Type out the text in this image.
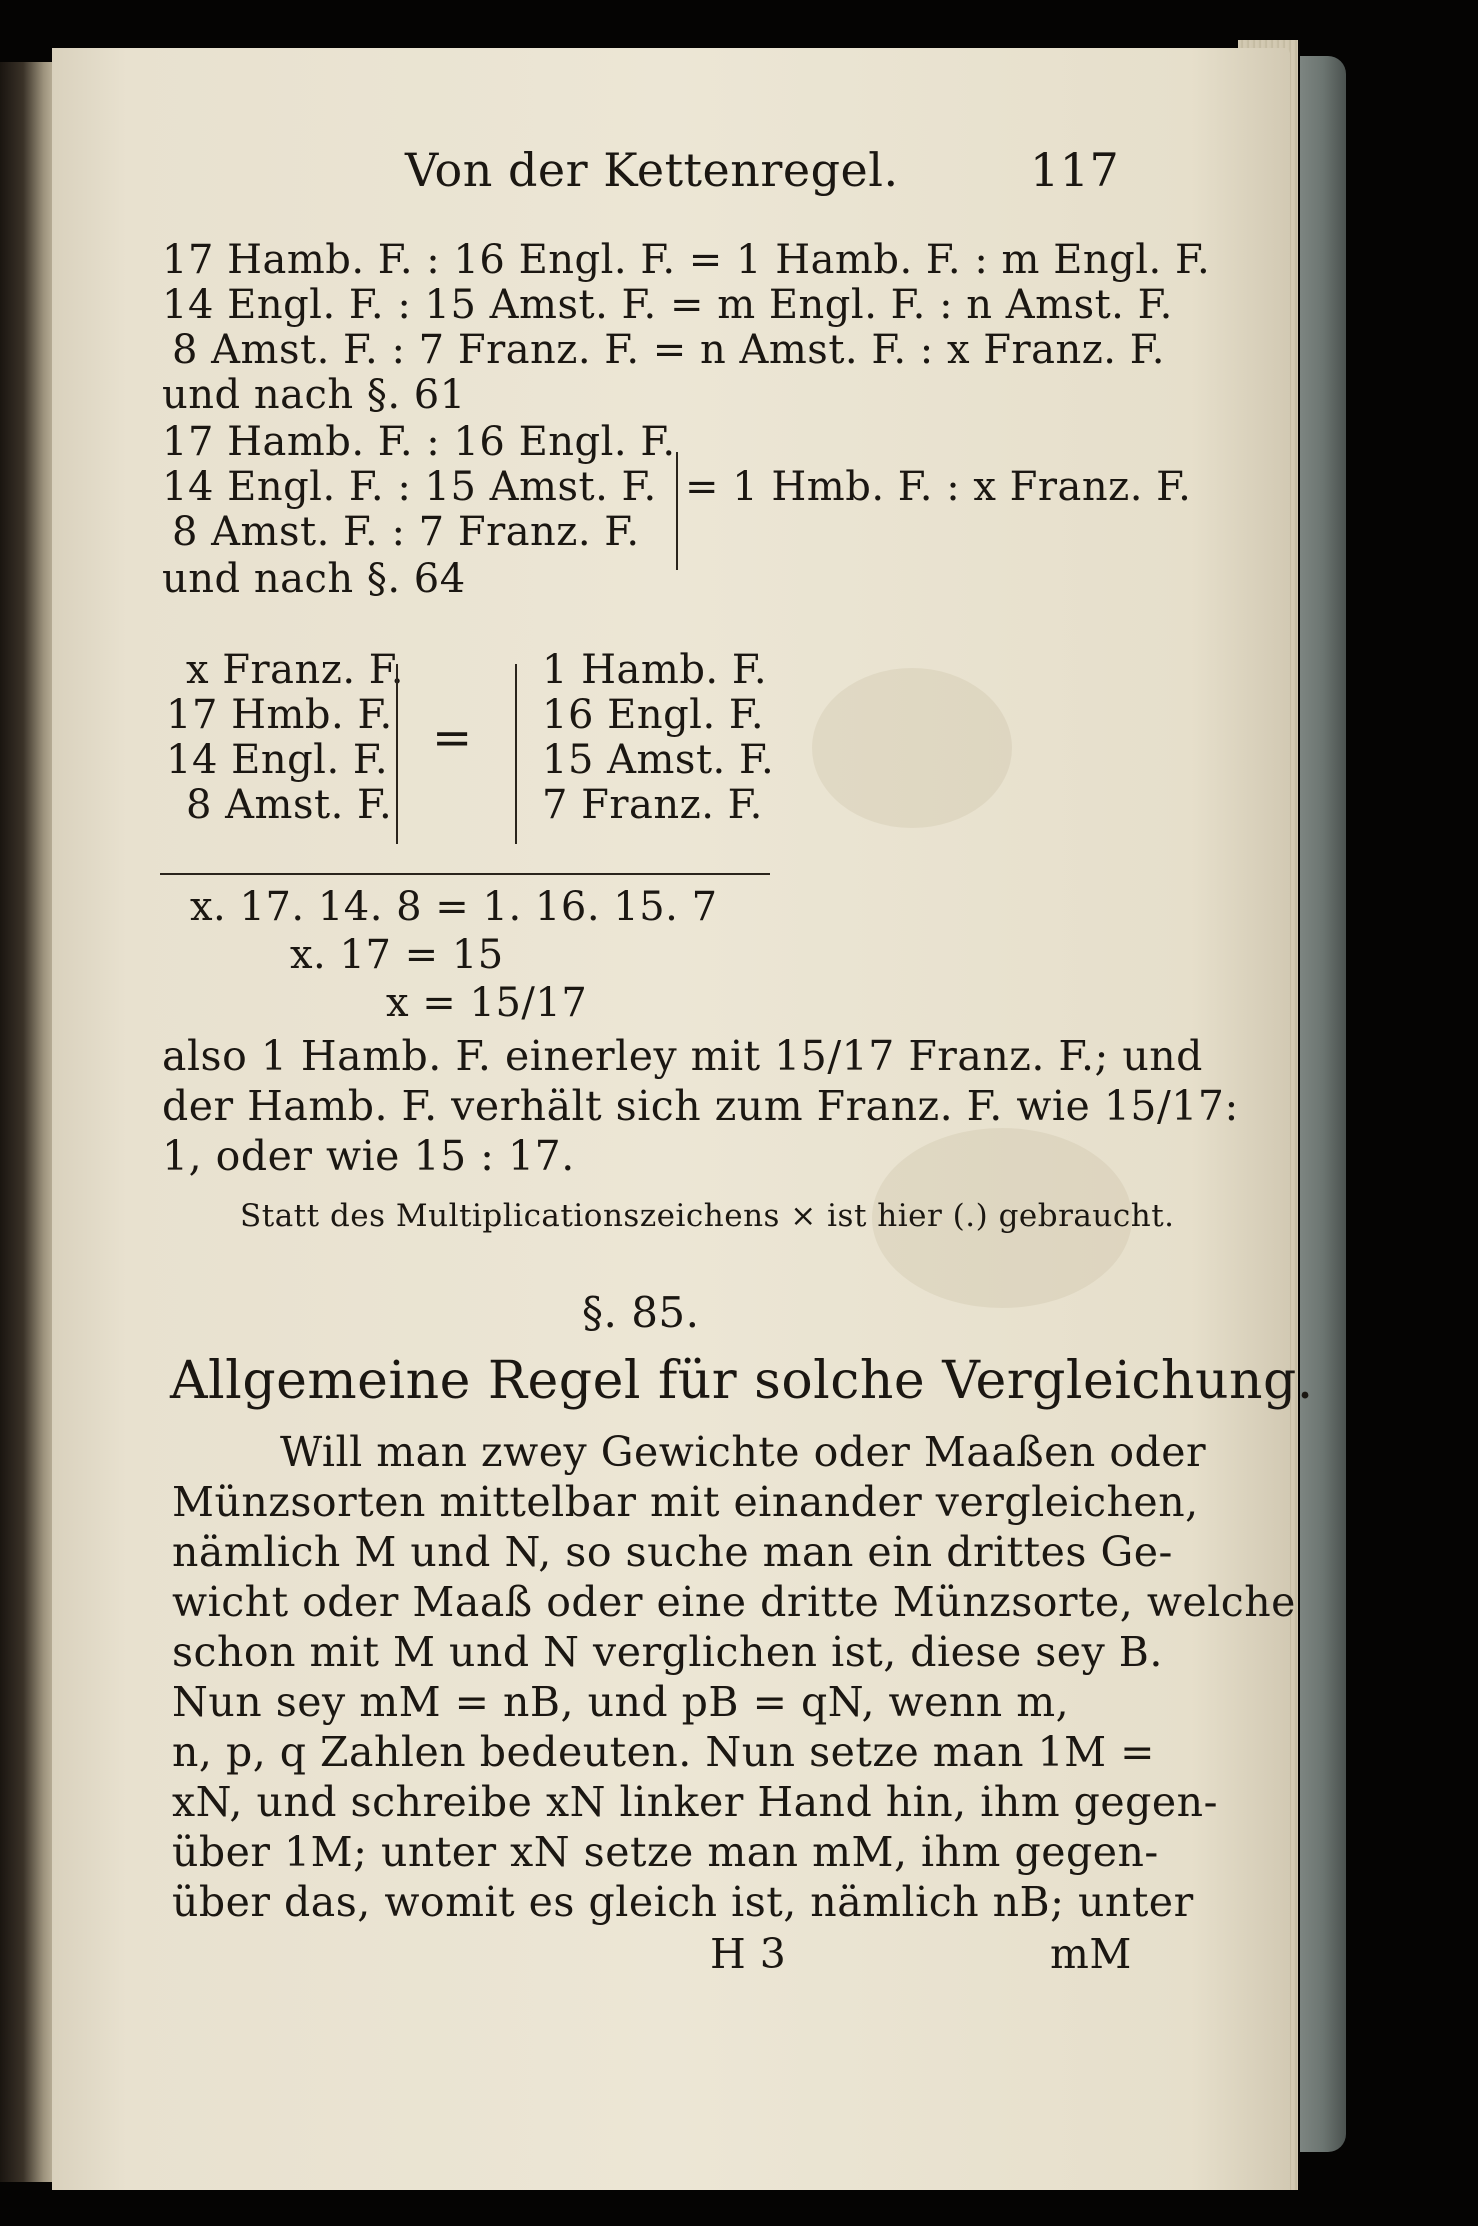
Von der Kettenregel.	117
17 Hamb. F. : 16 Engl. F. = 1 Hamb. F. : m Engl. F.
14 Engl. F. : 15 Amst. F. = m Engl. F. : n Amst. F.
8 Amst. F. : 7 Franz. F. = n Amst. F. : x Franz. F.
und nach §. 61
17 Hamb. F. : 16 Engl. F.
14 Engl. F. : 15 Amst. F.
8 Amst. F. : 7 Franz. F.
= 1 Hmb. F. : x Franz. F.
und nach §. 64
x Franz. F.
17 Hmb. F.
14 Engl. F.
8 Amst. F.
=
1 Hamb. F.
16 Engl. F.
15 Amst. F.
7 Franz. F.
x. 17. 14. 8 = 1. 16. 15. 7
x. 17 = 15
x = 15/17
also 1 Hamb. F. einerley mit 15/17 Franz. F.; und
der Hamb. F. verhält sich zum Franz. F. wie 15/17:
1, oder wie 15 : 17.
Statt des Multiplicationszeichens × ist hier (.) gebraucht.
§. 85.
Allgemeine Regel für solche Vergleichung.
Will man zwey Gewichte oder Maaßen oder
Münzsorten mittelbar mit einander vergleichen,
nämlich M und N, so suche man ein drittes Ge-
wicht oder Maaß oder eine dritte Münzsorte, welche
schon mit M und N verglichen ist, diese sey B.
Nun sey mM = nB, und pB = qN, wenn m,
n, p, q Zahlen bedeuten. Nun setze man 1M =
xN, und schreibe xN linker Hand hin, ihm gegen-
über 1M; unter xN setze man mM, ihm gegen-
über das, womit es gleich ist, nämlich nB; unter
H 3	mM
